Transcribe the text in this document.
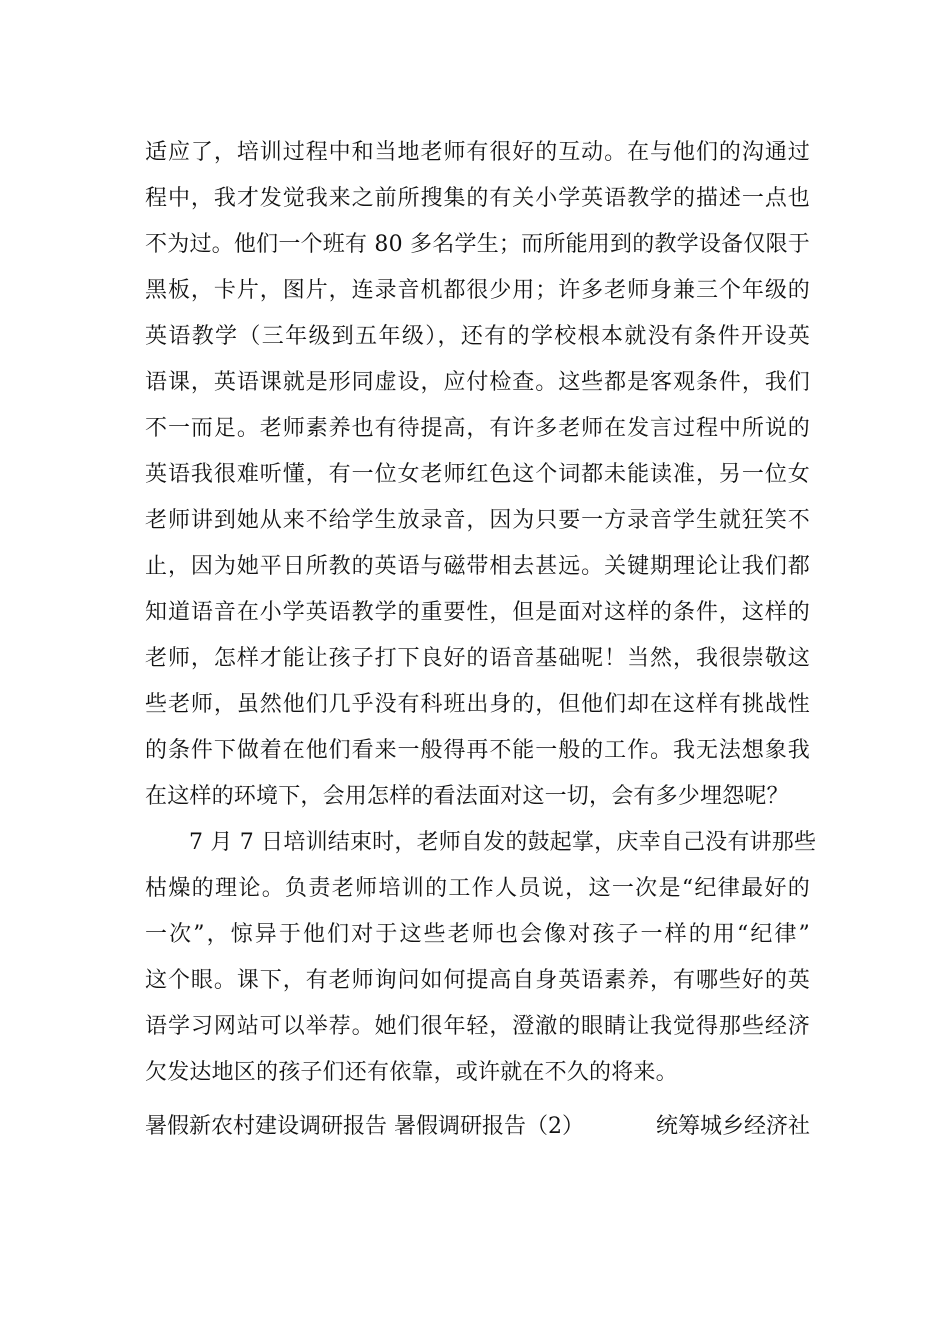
适应了，培训过程中和当地老师有很好的互动。在与他们的沟通过
程中，我才发觉我来之前所搜集的有关小学英语教学的描述一点也
不为过。他们一个班有 80 多名学生；而所能用到的教学设备仅限于
黑板，卡片，图片，连录音机都很少用；许多老师身兼三个年级的
英语教学（三年级到五年级），还有的学校根本就没有条件开设英
语课，英语课就是形同虚设，应付检查。这些都是客观条件，我们
不一而足。老师素养也有待提高，有许多老师在发言过程中所说的
英语我很难听懂，有一位女老师红色这个词都未能读准，另一位女
老师讲到她从来不给学生放录音，因为只要一方录音学生就狂笑不
止，因为她平日所教的英语与磁带相去甚远。关键期理论让我们都
知道语音在小学英语教学的重要性，但是面对这样的条件，这样的
老师，怎样才能让孩子打下良好的语音基础呢！当然，我很崇敬这
些老师，虽然他们几乎没有科班出身的，但他们却在这样有挑战性
的条件下做着在他们看来一般得再不能一般的工作。我无法想象我
在这样的环境下，会用怎样的看法面对这一切，会有多少埋怨呢？
7 月 7 日培训结束时，老师自发的鼓起掌，庆幸自己没有讲那些
枯燥的理论。负责老师培训的工作人员说，这一次是“纪律最好的
一次”，惊异于他们对于这些老师也会像对孩子一样的用“纪律”
这个眼。课下，有老师询问如何提高自身英语素养，有哪些好的英
语学习网站可以举荐。她们很年轻，澄澈的眼睛让我觉得那些经济
欠发达地区的孩子们还有依靠，或许就在不久的将来。
暑假新农村建设调研报告 暑假调研报告（2）	统筹城乡经济社
